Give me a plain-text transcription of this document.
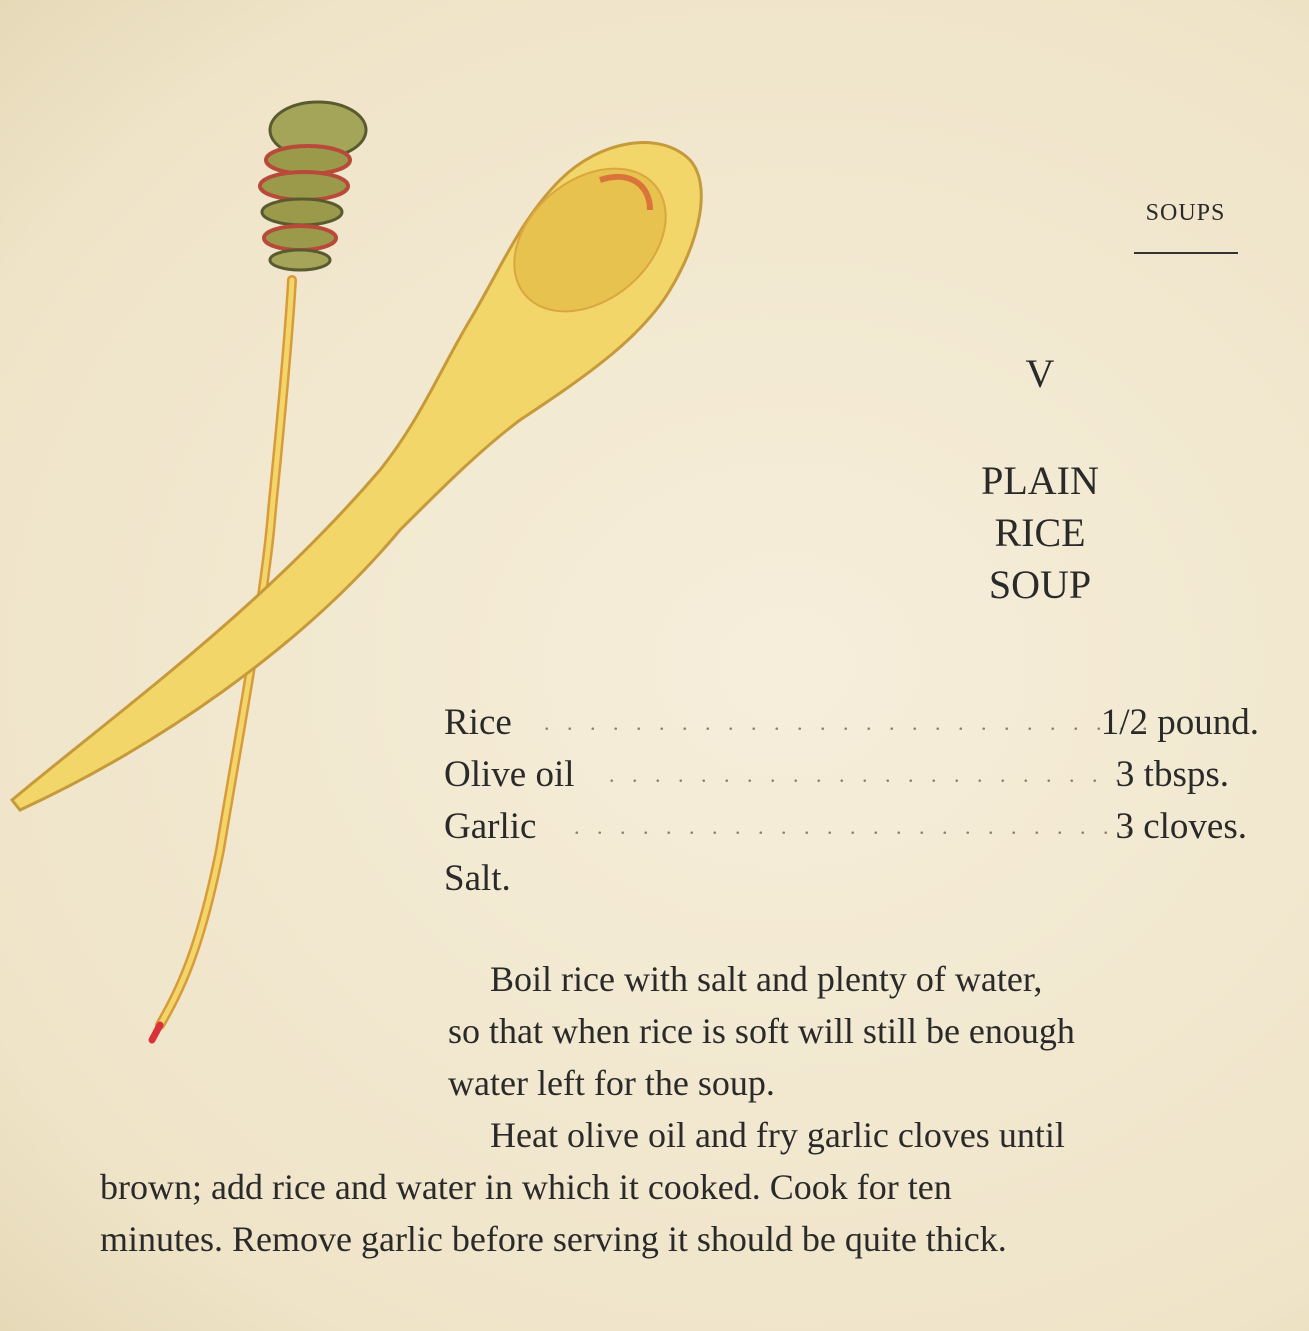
SOUPS
V
PLAIN
RICE
SOUP
Rice . . . . . . . . . . . . . . . . . . . . . . . . . . .
1/2 pound.
Olive oil . . . . . . . . . . . . . . . . . . . . . . .
3 tbsps.
Garlic . . . . . . . . . . . . . . . . . . . . . . . . .
3 cloves.
Salt.

Boil rice with salt and plenty of water,

so that when rice is soft will still be enough

water left for the soup.

Heat olive oil and fry garlic cloves until

brown; add rice and water in which it cooked. Cook for ten

minutes. Remove garlic before serving it should be quite thick.
